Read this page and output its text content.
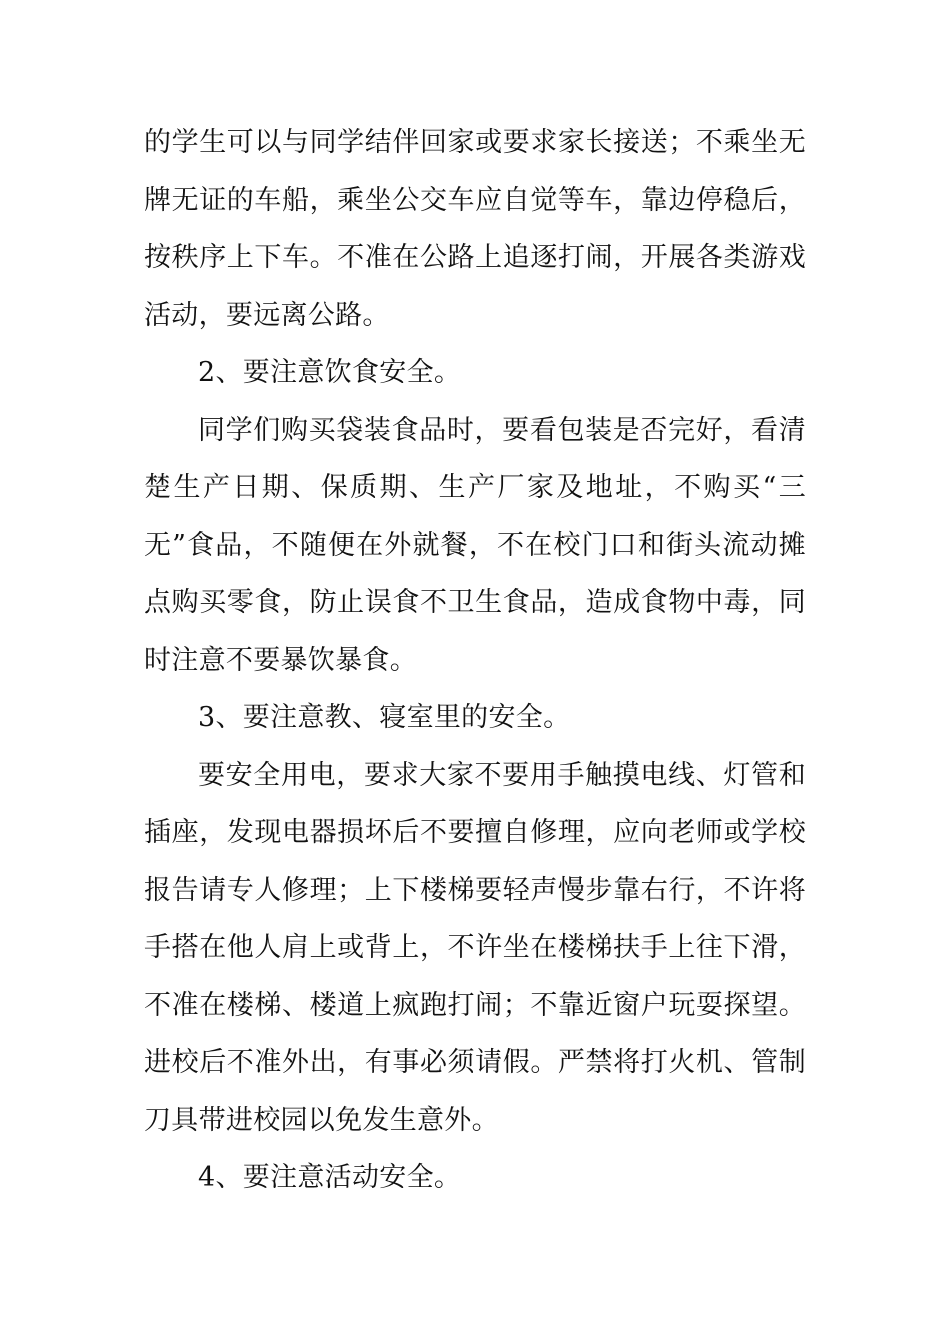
的学生可以与同学结伴回家或要求家长接送；不乘坐无牌无证的车船，乘坐公交车应自觉等车，靠边停稳后，按秩序上下车。不准在公路上追逐打闹，开展各类游戏活动，要远离公路。

2、要注意饮食安全。

同学们购买袋装食品时，要看包装是否完好，看清楚生产日期、保质期、生产厂家及地址，不购买“三无”食品，不随便在外就餐，不在校门口和街头流动摊点购买零食，防止误食不卫生食品，造成食物中毒，同时注意不要暴饮暴食。

3、要注意教、寝室里的安全。

要安全用电，要求大家不要用手触摸电线、灯管和插座，发现电器损坏后不要擅自修理，应向老师或学校报告请专人修理；上下楼梯要轻声慢步靠右行，不许将手搭在他人肩上或背上，不许坐在楼梯扶手上往下滑，不准在楼梯、楼道上疯跑打闹；不靠近窗户玩耍探望。进校后不准外出，有事必须请假。严禁将打火机、管制刀具带进校园以免发生意外。

4、要注意活动安全。
